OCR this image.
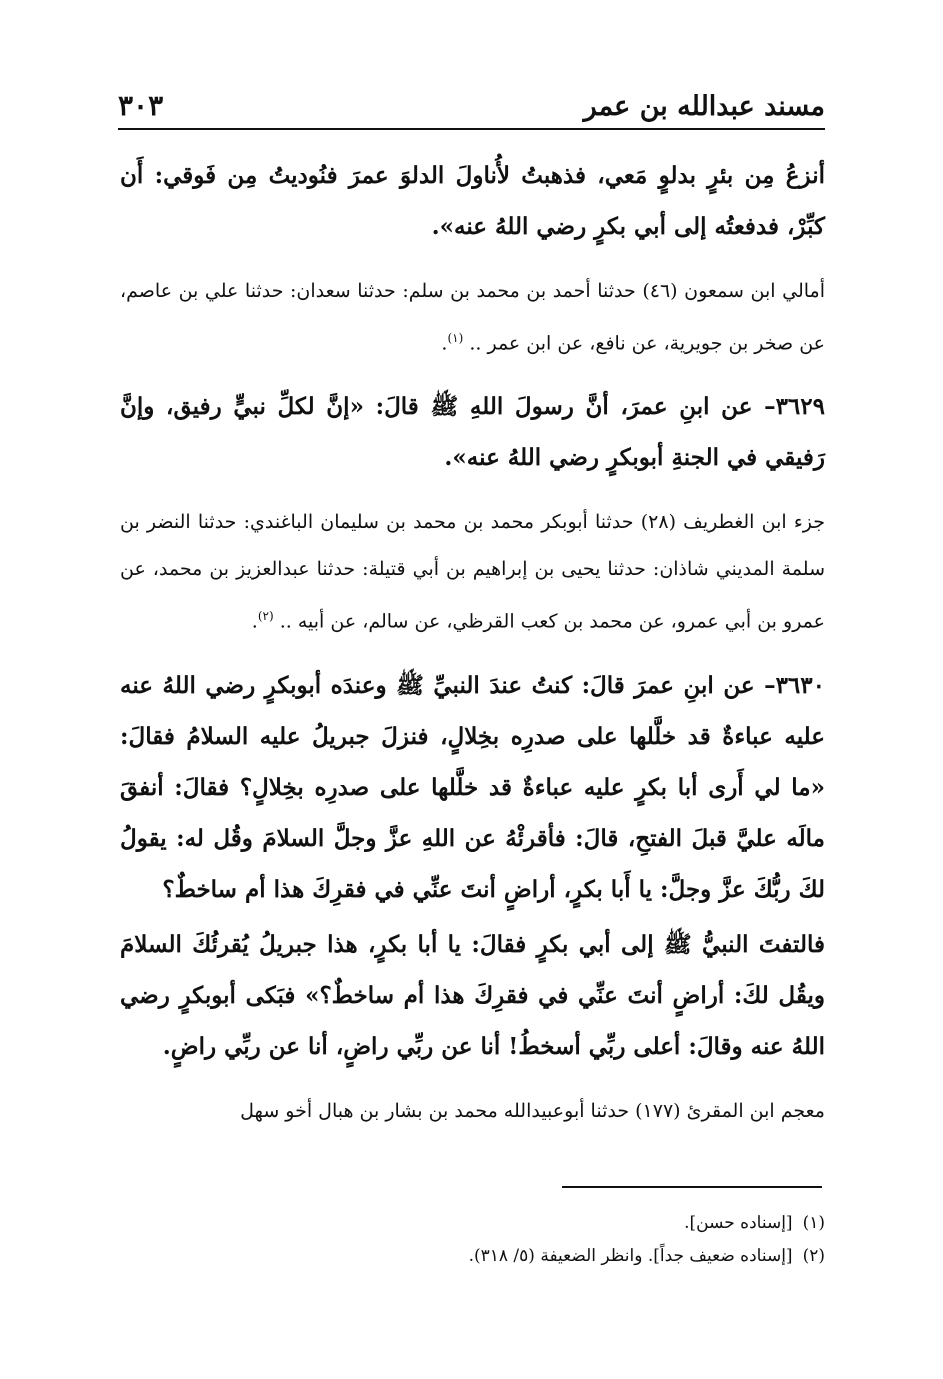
مسند عبدالله بن عمر
٣٠٣

أنزعُ مِن بئرٍ بدلوٍ مَعي، فذهبتُ لأُناولَ الدلوَ عمرَ فنُوديتُ مِن فَوقي: أَن كبِّرْ، فدفعتُه إلى أبي بكرٍ رضي اللهُ عنه».

أمالي ابن سمعون (٤٦) حدثنا أحمد بن محمد بن سلم: حدثنا سعدان: حدثنا علي بن عاصم، عن صخر بن جويرية، عن نافع، عن ابن عمر .. $^{(١)}$.

٣٦٢٩– عن ابنِ عمرَ، أنَّ رسولَ اللهِ ﷺ قالَ: «إنَّ لكلِّ نبيٍّ رفيق، وإنَّ رَفيقي في الجنةِ أبوبكرٍ رضي اللهُ عنه».

جزء ابن الغطريف (٢٨) حدثنا أبوبكر محمد بن محمد بن سليمان الباغندي: حدثنا النضر بن سلمة المديني شاذان: حدثنا يحيى بن إبراهيم بن أبي قتيلة: حدثنا عبدالعزيز بن محمد، عن عمرو بن أبي عمرو، عن محمد بن كعب القرظي، عن سالم، عن أبيه .. $^{(٢)}$.

٣٦٣٠– عن ابنِ عمرَ قالَ: كنتُ عندَ النبيِّ ﷺ وعندَه أبوبكرٍ رضي اللهُ عنه عليه عباءةٌ قد خلَّلها على صدرِه بخِلالٍ، فنزلَ جبريلُ عليه السلامُ فقالَ: «ما لي أَرى أبا بكرٍ عليه عباءةٌ قد خلَّلها على صدرِه بخِلالٍ؟ فقالَ: أنفقَ مالَه عليَّ قبلَ الفتحِ، قالَ: فأقرئْهُ عن اللهِ عزَّ وجلَّ السلامَ وقُل له: يقولُ لكَ ربُّكَ عزَّ وجلَّ: يا أَبا بكرٍ، أراضٍ أنتَ عنِّي في فقرِكَ هذا أم ساخطٌ؟

فالتفتَ النبيُّ ﷺ إلى أبي بكرٍ فقالَ: يا أبا بكرٍ، هذا جبريلُ يُقرئُكَ السلامَ ويقُل لكَ: أراضٍ أنتَ عنِّي في فقرِكَ هذا أم ساخطٌ؟» فبَكى أبوبكرٍ رضي اللهُ عنه وقالَ: أعلى ربِّي أسخطُ! أنا عن ربِّي راضٍ، أنا عن ربِّي راضٍ.

معجم ابن المقرئ (١٧٧) حدثنا أبوعبيدالله محمد بن بشار بن هبال أخو سهل

(١)
[إسناده حسن].
(٢)
[إسناده ضعيف جداً]. وانظر الضعيفة (٥/ ٣١٨).
